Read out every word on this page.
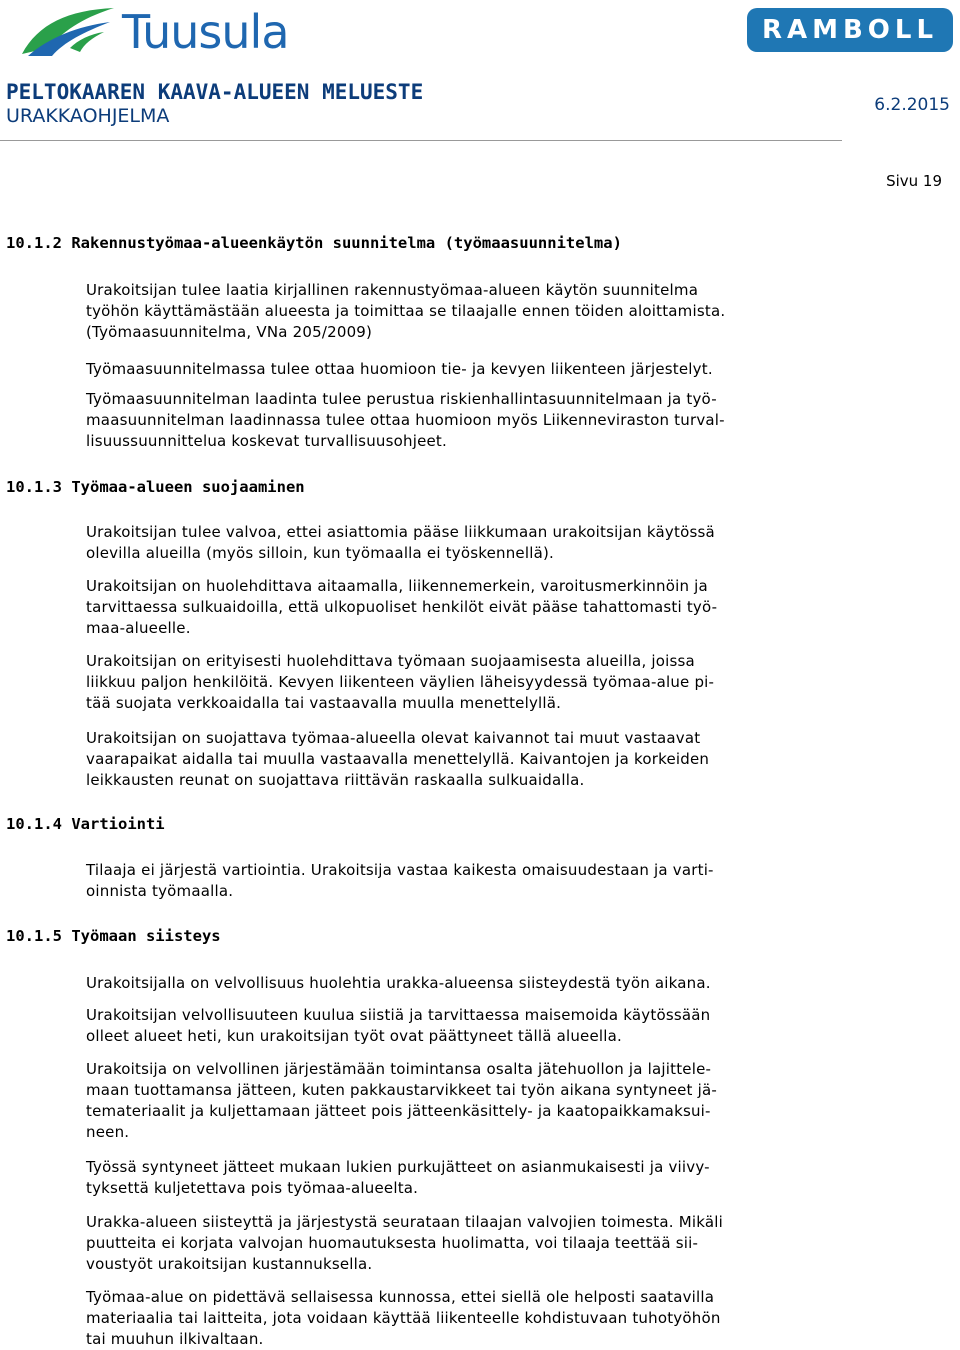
Tuusula	RAMBOLL
PELTOKAAREN KAAVA-ALUEEN MELUESTE
URAKKAOHJELMA	6.2.2015
Sivu 19
10.1.2 Rakennustyömaa-alueenkäytön suunnitelma (työmaasuunnitelma)

Urakoitsijan tulee laatia kirjallinen rakennustyömaa-alueen käytön suunnitelma
työhön käyttämästään alueesta ja toimittaa se tilaajalle ennen töiden aloittamista.
(Työmaasuunnitelma, VNa 205/2009)

Työmaasuunnitelmassa tulee ottaa huomioon tie- ja kevyen liikenteen järjestelyt.

Työmaasuunnitelman laadinta tulee perustua riskienhallintasuunnitelmaan ja työ-
maasuunnitelman laadinnassa tulee ottaa huomioon myös Liikenneviraston turval-
lisuussuunnittelua koskevat turvallisuusohjeet.

10.1.3 Työmaa-alueen suojaaminen

Urakoitsijan tulee valvoa, ettei asiattomia pääse liikkumaan urakoitsijan käytössä
olevilla alueilla (myös silloin, kun työmaalla ei työskennellä).

Urakoitsijan on huolehdittava aitaamalla, liikennemerkein, varoitusmerkinnöin ja
tarvittaessa sulkuaidoilla, että ulkopuoliset henkilöt eivät pääse tahattomasti työ-
maa-alueelle.

Urakoitsijan on erityisesti huolehdittava työmaan suojaamisesta alueilla, joissa
liikkuu paljon henkilöitä. Kevyen liikenteen väylien läheisyydessä työmaa-alue pi-
tää suojata verkkoaidalla tai vastaavalla muulla menettelyllä.

Urakoitsijan on suojattava työmaa-alueella olevat kaivannot tai muut vastaavat
vaarapaikat aidalla tai muulla vastaavalla menettelyllä. Kaivantojen ja korkeiden
leikkausten reunat on suojattava riittävän raskaalla sulkuaidalla.

10.1.4 Vartiointi

Tilaaja ei järjestä vartiointia. Urakoitsija vastaa kaikesta omaisuudestaan ja varti-
oinnista työmaalla.

10.1.5 Työmaan siisteys

Urakoitsijalla on velvollisuus huolehtia urakka-alueensa siisteydestä työn aikana.

Urakoitsijan velvollisuuteen kuulua siistiä ja tarvittaessa maisemoida käytössään
olleet alueet heti, kun urakoitsijan työt ovat päättyneet tällä alueella.

Urakoitsija on velvollinen järjestämään toimintansa osalta jätehuollon ja lajittele-
maan tuottamansa jätteen, kuten pakkaustarvikkeet tai työn aikana syntyneet jä-
temateriaalit ja kuljettamaan jätteet pois jätteenkäsittely- ja kaatopaikkamaksui-
neen.

Työssä syntyneet jätteet mukaan lukien purkujätteet on asianmukaisesti ja viivy-
tyksettä kuljetettava pois työmaa-alueelta.

Urakka-alueen siisteyttä ja järjestystä seurataan tilaajan valvojien toimesta. Mikäli
puutteita ei korjata valvojan huomautuksesta huolimatta, voi tilaaja teettää sii-
voustyöt urakoitsijan kustannuksella.

Työmaa-alue on pidettävä sellaisessa kunnossa, ettei siellä ole helposti saatavilla
materiaalia tai laitteita, jota voidaan käyttää liikenteelle kohdistuvaan tuhotyöhön
tai muuhun ilkivaltaan.
